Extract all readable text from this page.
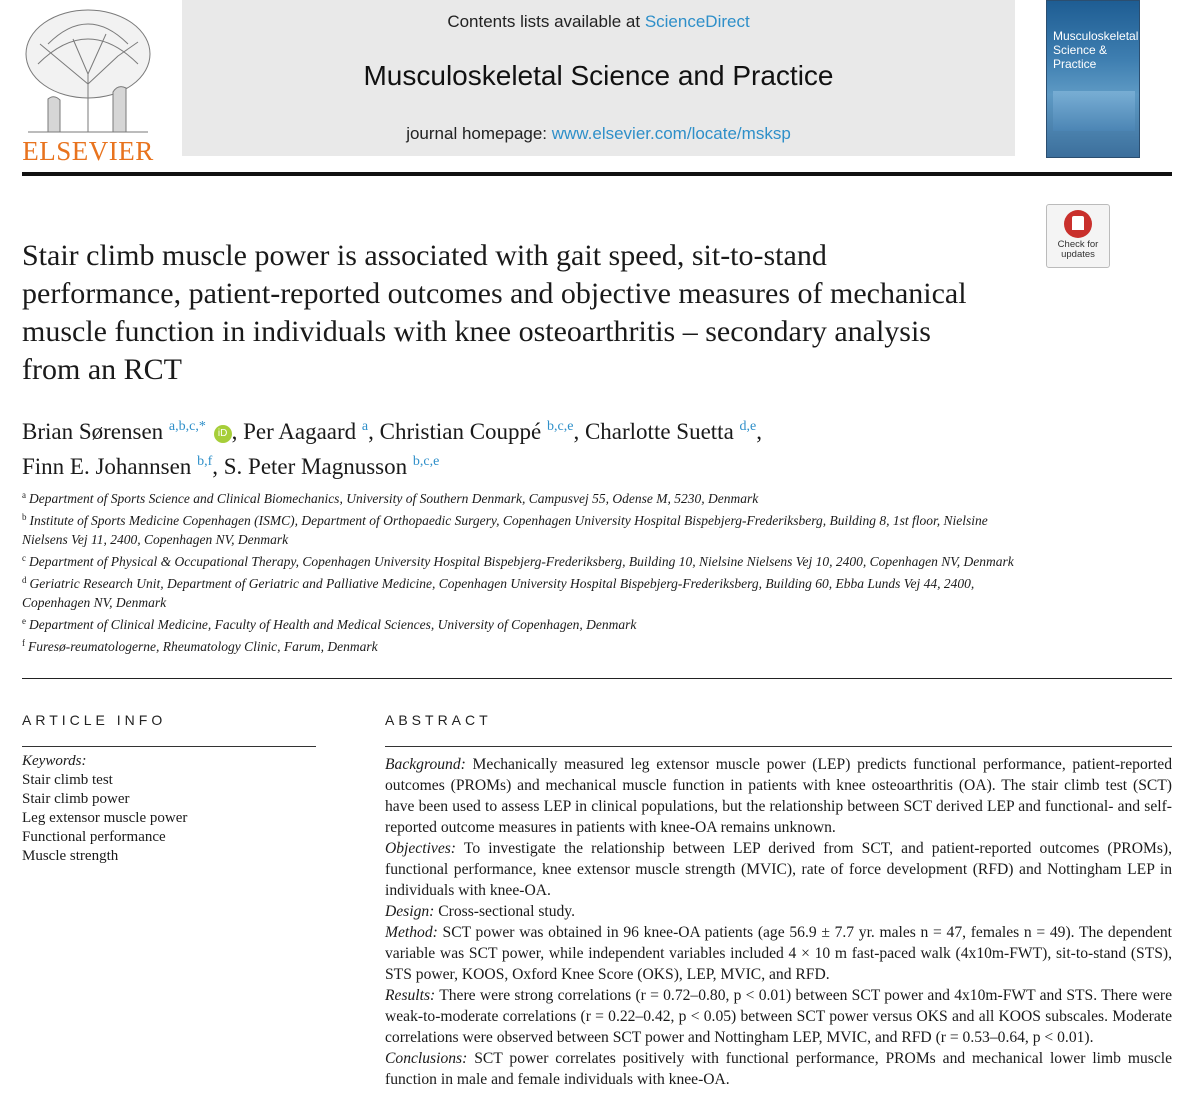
ELSEVIER
Contents lists available at ScienceDirect
Musculoskeletal Science and Practice
journal homepage: www.elsevier.com/locate/msksp
Musculoskeletal Science & Practice
Check for updates
Stair climb muscle power is associated with gait speed, sit-to-stand performance, patient-reported outcomes and objective measures of mechanical muscle function in individuals with knee osteoarthritis – secondary analysis from an RCT
Brian Sørensen $^{a,b,c,*}$ iD , Per Aagaard $^a$, Christian Couppé $^{b,c,e}$, Charlotte Suetta $^{d,e}$,
Finn E. Johannsen $^{b,f}$, S. Peter Magnusson $^{b,c,e}$

$^a$ Department of Sports Science and Clinical Biomechanics, University of Southern Denmark, Campusvej 55, Odense M, 5230, Denmark

$^b$ Institute of Sports Medicine Copenhagen (ISMC), Department of Orthopaedic Surgery, Copenhagen University Hospital Bispebjerg-Frederiksberg, Building 8, 1st floor, Nielsine Nielsens Vej 11, 2400, Copenhagen NV, Denmark

$^c$ Department of Physical & Occupational Therapy, Copenhagen University Hospital Bispebjerg-Frederiksberg, Building 10, Nielsine Nielsens Vej 10, 2400, Copenhagen NV, Denmark

$^d$ Geriatric Research Unit, Department of Geriatric and Palliative Medicine, Copenhagen University Hospital Bispebjerg-Frederiksberg, Building 60, Ebba Lunds Vej 44, 2400, Copenhagen NV, Denmark

$^e$ Department of Clinical Medicine, Faculty of Health and Medical Sciences, University of Copenhagen, Denmark

$^f$ Furesø-reumatologerne, Rheumatology Clinic, Farum, Denmark

ARTICLE INFO
Keywords:
Stair climb test
Stair climb power
Leg extensor muscle power
Functional performance
Muscle strength
ABSTRACT

Background: Mechanically measured leg extensor muscle power (LEP) predicts functional performance, patient-reported outcomes (PROMs) and mechanical muscle function in patients with knee osteoarthritis (OA). The stair climb test (SCT) have been used to assess LEP in clinical populations, but the relationship between SCT derived LEP and functional- and self-reported outcome measures in patients with knee-OA remains unknown.

Objectives: To investigate the relationship between LEP derived from SCT, and patient-reported outcomes (PROMs), functional performance, knee extensor muscle strength (MVIC), rate of force development (RFD) and Nottingham LEP in individuals with knee-OA.

Design: Cross-sectional study.

Method: SCT power was obtained in 96 knee-OA patients (age 56.9 ± 7.7 yr. males n = 47, females n = 49). The dependent variable was SCT power, while independent variables included 4 × 10 m fast-paced walk (4x10m-FWT), sit-to-stand (STS), STS power, KOOS, Oxford Knee Score (OKS), LEP, MVIC, and RFD.

Results: There were strong correlations (r = 0.72–0.80, p < 0.01) between SCT power and 4x10m-FWT and STS. There were weak-to-moderate correlations (r = 0.22–0.42, p < 0.05) between SCT power versus OKS and all KOOS subscales. Moderate correlations were observed between SCT power and Nottingham LEP, MVIC, and RFD (r = 0.53–0.64, p < 0.01).

Conclusions: SCT power correlates positively with functional performance, PROMs and mechanical lower limb muscle function in male and female individuals with knee-OA.
